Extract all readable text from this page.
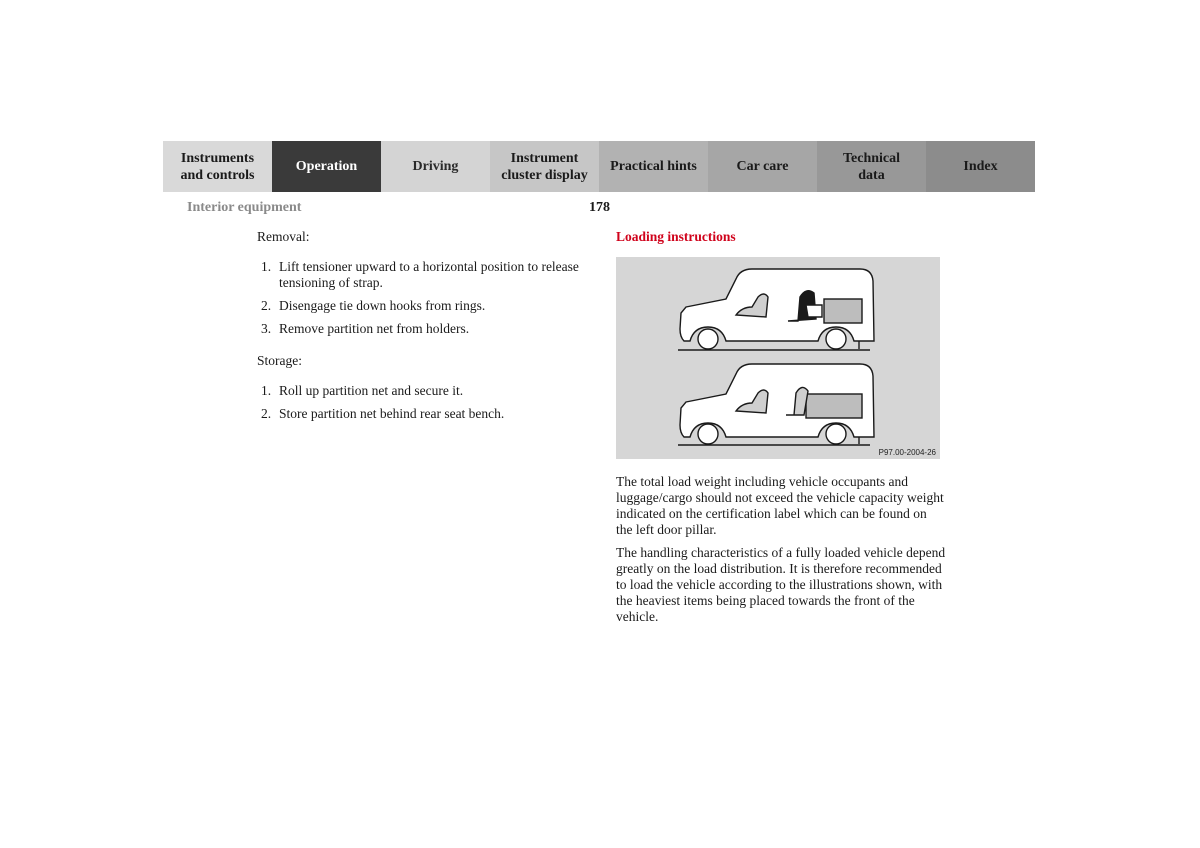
Instruments
and controls
Operation	Driving
Instrument
cluster display
Practical hints	Car care
Technical
data
Index
Interior equipment	178

Removal:

1. Lift tensioner upward to a horizontal position to release tensioning of strap.
2. Disengage tie down hooks from rings.
3. Remove partition net from holders.

Storage:

1. Roll up partition net and secure it.
2. Store partition net behind rear seat bench.

Loading instructions

P97.00-2004-26

The total load weight including vehicle occupants and luggage/cargo should not exceed the vehicle capacity weight indicated on the certification label which can be found on the left door pillar.

The handling characteristics of a fully loaded vehicle depend greatly on the load distribution. It is therefore recommended to load the vehicle according to the illustrations shown, with the heaviest items being placed towards the front of the vehicle.
